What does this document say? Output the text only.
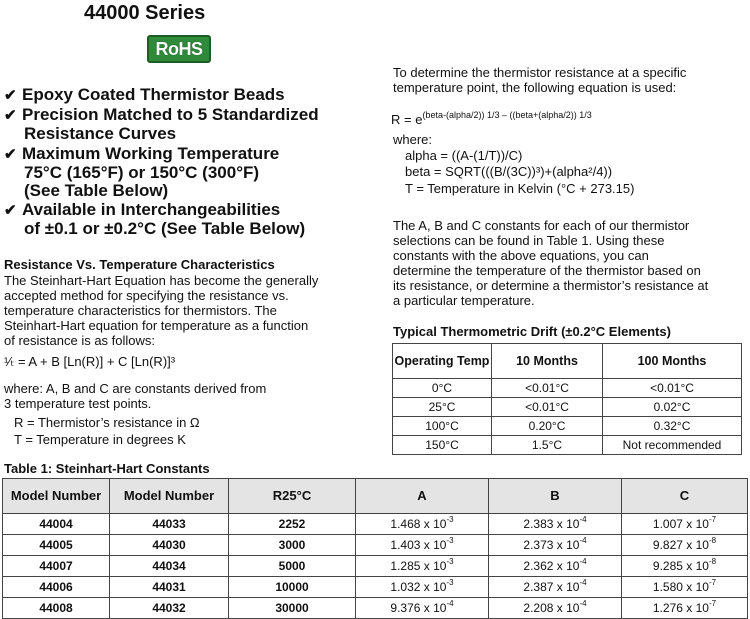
44000 Series
RoHS
✔ Epoxy Coated Thermistor Beads
✔ Precision Matched to 5 Standardized
Resistance Curves
✔ Maximum Working Temperature
75°C (165°F) or 150°C (300°F)
(See Table Below)
✔ Available in Interchangeabilities
of ±0.1 or ±0.2°C (See Table Below)
Resistance Vs. Temperature Characteristics
The Steinhart-Hart Equation has become the generally
accepted method for specifying the resistance vs.
temperature characteristics for thermistors. The
Steinhart-Hart equation for temperature as a function
of resistance is as follows:
¹⁄ₜ = A + B [Ln(R)] + C [Ln(R)]³
where: A, B and C are constants derived from
3 temperature test points.
R = Thermistor’s resistance in Ω
T = Temperature in degrees K
To determine the thermistor resistance at a specific
temperature point, the following equation is used:
$R = e^{(beta-(alpha/2)) 1/3 - ((beta+(alpha/2)) 1/3}$
where:
alpha = ((A-(1/T))/C)
beta = SQRT(((B/(3C))³)+(alpha²/4))
T = Temperature in Kelvin (°C + 273.15)
The A, B and C constants for each of our thermistor
selections can be found in Table 1. Using these
constants with the above equations, you can
determine the temperature of the thermistor based on
its resistance, or determine a thermistor’s resistance at
a particular temperature.
Typical Thermometric Drift (±0.2°C Elements)
Operating Temp	10 Months	100 Months
0°C	<0.01°C	<0.01°C
25°C	<0.01°C	0.02°C
100°C	0.20°C	0.32°C
150°C	1.5°C	Not recommended
Table 1: Steinhart-Hart Constants
Model Number	Model Number	R25°C	A	B	C
44004	44033	2252	1.468 x $10^{-3}$	2.383 x $10^{-4}$	1.007 x $10^{-7}$
44005	44030	3000	1.403 x $10^{-3}$	2.373 x $10^{-4}$	9.827 x $10^{-8}$
44007	44034	5000	1.285 x $10^{-3}$	2.362 x $10^{-4}$	9.285 x $10^{-8}$
44006	44031	10000	1.032 x $10^{-3}$	2.387 x $10^{-4}$	1.580 x $10^{-7}$
44008	44032	30000	9.376 x $10^{-4}$	2.208 x $10^{-4}$	1.276 x $10^{-7}$
